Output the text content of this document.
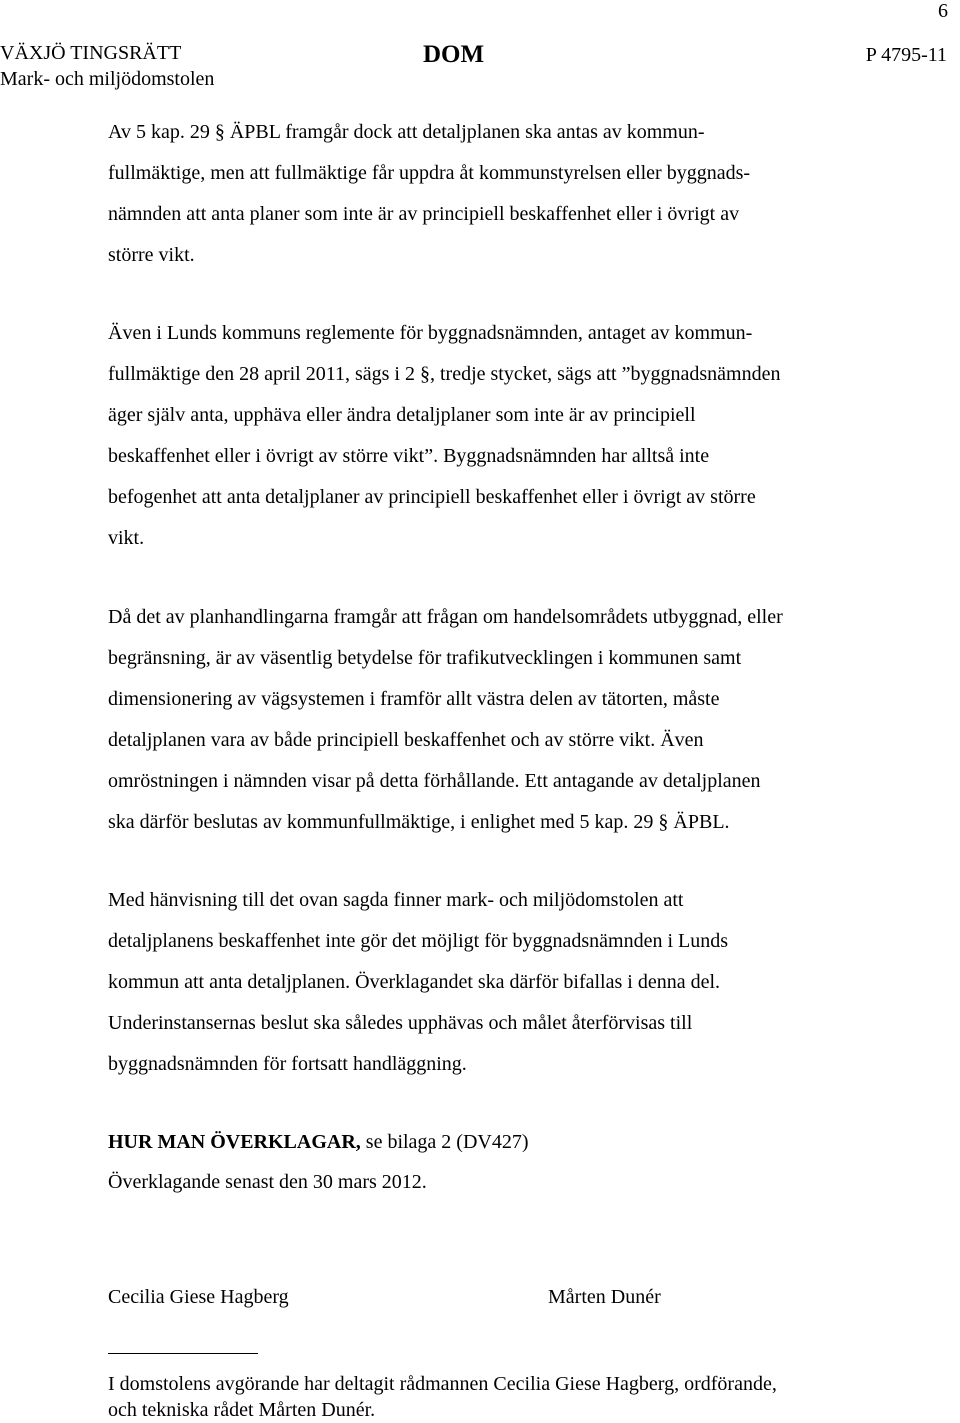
6
VÄXJÖ TINGSRÄTT
Mark- och miljödomstolen
DOM	P 4795-11

Av 5 kap. 29 § ÄPBL framgår dock att detaljplanen ska antas av kommun-
fullmäktige, men att fullmäktige får uppdra åt kommunstyrelsen eller byggnads-
nämnden att anta planer som inte är av principiell beskaffenhet eller i övrigt av
större vikt.

Även i Lunds kommuns reglemente för byggnadsnämnden, antaget av kommun-
fullmäktige den 28 april 2011, sägs i 2 §, tredje stycket, sägs att ”byggnadsnämnden
äger själv anta, upphäva eller ändra detaljplaner som inte är av principiell
beskaffenhet eller i övrigt av större vikt”. Byggnadsnämnden har alltså inte
befogenhet att anta detaljplaner av principiell beskaffenhet eller i övrigt av större
vikt.

Då det av planhandlingarna framgår att frågan om handelsområdets utbyggnad, eller
begränsning, är av väsentlig betydelse för trafikutvecklingen i kommunen samt
dimensionering av vägsystemen i framför allt västra delen av tätorten, måste
detaljplanen vara av både principiell beskaffenhet och av större vikt. Även
omröstningen i nämnden visar på detta förhållande. Ett antagande av detaljplanen
ska därför beslutas av kommunfullmäktige, i enlighet med 5 kap. 29 § ÄPBL.

Med hänvisning till det ovan sagda finner mark- och miljödomstolen att
detaljplanens beskaffenhet inte gör det möjligt för byggnadsnämnden i Lunds
kommun att anta detaljplanen. Överklagandet ska därför bifallas i denna del.
Underinstansernas beslut ska således upphävas och målet återförvisas till
byggnadsnämnden för fortsatt handläggning.

HUR MAN ÖVERKLAGAR, se bilaga 2 (DV427)
Överklagande senast den 30 mars 2012.
Cecilia Giese Hagberg	Mårten Dunér
I domstolens avgörande har deltagit rådmannen Cecilia Giese Hagberg, ordförande,
och tekniska rådet Mårten Dunér.
